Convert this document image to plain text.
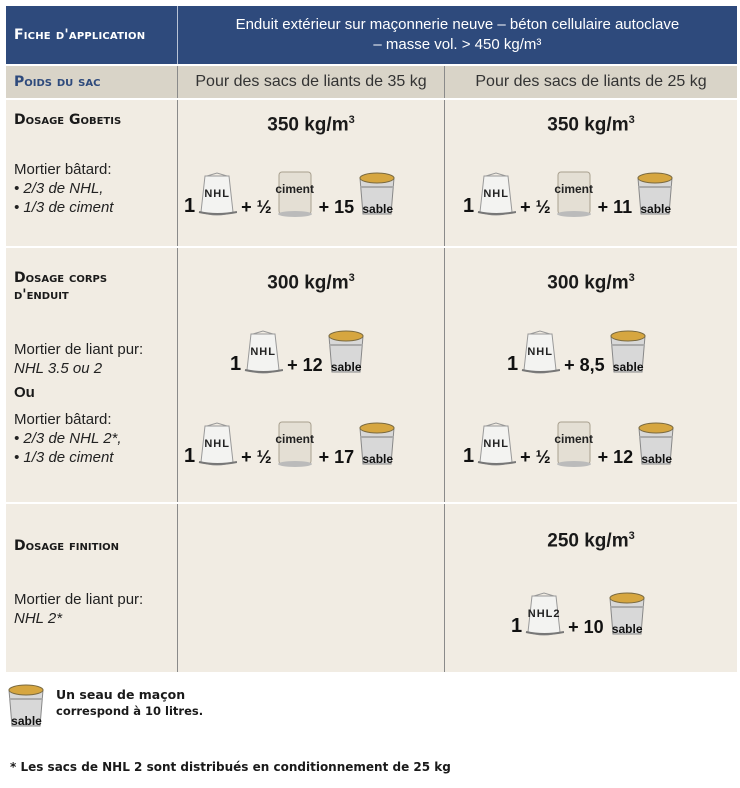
Fiche d'application
Enduit extérieur sur maçonnerie neuve – béton cellulaire autoclave
– masse vol. > 450 kg/m³
Poids du sac	Pour des sacs de liants de 35 kg	Pour des sacs de liants de 25 kg
Dosage Gobetis
Mortier bâtard:
• 2/3 de NHL,
• 1/3 de ciment
350 $kg/m^3$
1
NHL
+ ½
ciment
+ 15 sable
350 $kg/m^3$
1
NHL
+ ½
ciment
+ 11 sable
Dosage corps
d'enduit
Mortier de liant pur:
NHL 3.5 ou 2
Ou
Mortier bâtard:
• 2/3 de NHL 2*,
• 1/3 de ciment
300 $kg/m^3$
1
NHL
+ 12 sable
1
NHL
+ ½
ciment
+ 17 sable
300 $kg/m^3$
1
NHL
+ 8,5 sable
1
NHL
+ ½
ciment
+ 12 sable
Dosage finition
Mortier de liant pur:
NHL 2*
250 $kg/m^3$
1
NHL2
+ 10 sable
sable
Un seau de maçon
correspond à 10 litres.
* Les sacs de NHL 2 sont distribués en conditionnement de 25 kg
